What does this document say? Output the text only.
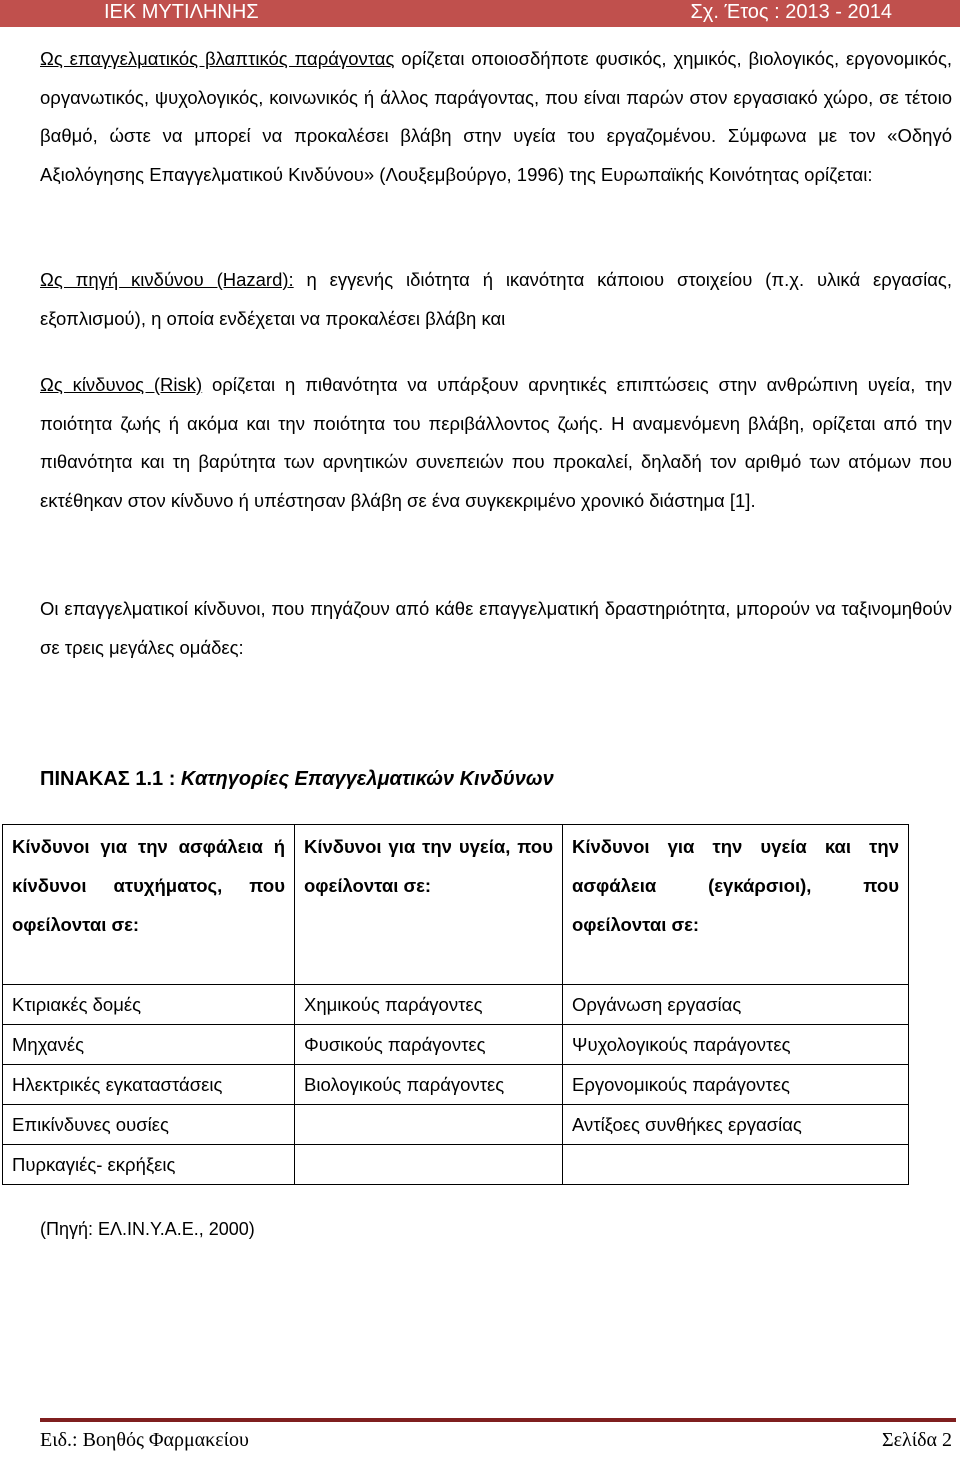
ΙΕΚ ΜΥΤΙΛΗΝΗΣ	Σχ. Έτος : 2013 - 2014

Ως επαγγελματικός βλαπτικός παράγοντας ορίζεται οποιοσδήποτε φυσικός, χημικός, βιολογικός, εργονομικός, οργανωτικός, ψυχολογικός, κοινωνικός ή άλλος παράγοντας, που είναι παρών στον εργασιακό χώρο, σε τέτοιο βαθμό, ώστε να μπορεί να προκαλέσει βλάβη στην υγεία του εργαζομένου. Σύμφωνα με τον «Οδηγό Αξιολόγησης Επαγγελματικού Κινδύνου» (Λουξεμβούργο, 1996) της Ευρωπαϊκής Κοινότητας ορίζεται:

Ως πηγή κινδύνου (Hazard): η εγγενής ιδιότητα ή ικανότητα κάποιου στοιχείου (π.χ. υλικά εργασίας, εξοπλισμού), η οποία ενδέχεται να προκαλέσει βλάβη και

Ως κίνδυνος (Risk) ορίζεται η πιθανότητα να υπάρξουν αρνητικές επιπτώσεις στην ανθρώπινη υγεία, την ποιότητα ζωής ή ακόμα και την ποιότητα του περιβάλλοντος ζωής. Η αναμενόμενη βλάβη, ορίζεται από την πιθανότητα και τη βαρύτητα των αρνητικών συνεπειών που προκαλεί, δηλαδή τον αριθμό των ατόμων που εκτέθηκαν στον κίνδυνο ή υπέστησαν βλάβη σε ένα συγκεκριμένο χρονικό διάστημα [1].

Οι επαγγελματικοί κίνδυνοι, που πηγάζουν από κάθε επαγγελματική δραστηριότητα, μπορούν να ταξινομηθούν σε τρεις μεγάλες ομάδες:

ΠΙΝΑΚΑΣ 1.1 : Κατηγορίες Επαγγελματικών Κινδύνων
Κίνδυνοι για την ασφάλεια ή κίνδυνοι ατυχήματος, που οφείλονται σε:	Κίνδυνοι για την υγεία, που οφείλονται σε:	Κίνδυνοι για την υγεία και την ασφάλεια (εγκάρσιοι), που οφείλονται σε:
Κτιριακές δομές	Χημικούς παράγοντες	Οργάνωση εργασίας
Μηχανές	Φυσικούς παράγοντες	Ψυχολογικούς παράγοντες
Ηλεκτρικές εγκαταστάσεις	Βιολογικούς παράγοντες	Εργονομικούς παράγοντες
Επικίνδυνες ουσίες		Αντίξοες συνθήκες εργασίας
Πυρκαγιές- εκρήξεις		
(Πηγή: ΕΛ.ΙΝ.Υ.Α.Ε., 2000)
Ειδ.: Βοηθός Φαρμακείου	Σελίδα 2
